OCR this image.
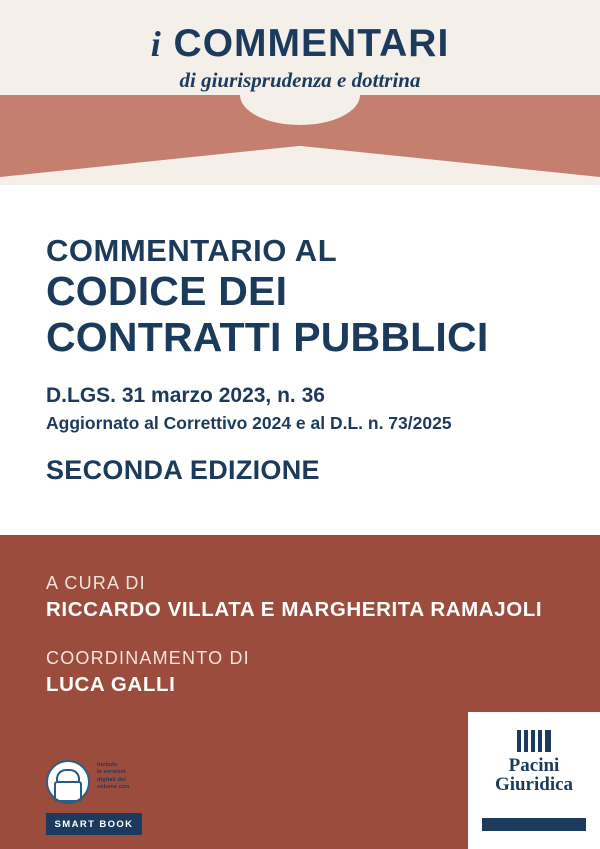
i COMMENTARI
di giurisprudenza e dottrina
COMMENTARIO AL
CODICE DEI
CONTRATTI PUBBLICI
D.LGS. 31 marzo 2023, n. 36
Aggiornato al Correttivo 2024 e al D.L. n. 73/2025
SECONDA EDIZIONE
A CURA DI
RICCARDO VILLATA E MARGHERITA RAMAJOLI
COORDINAMENTO DI
LUCA GALLI
Include
le versioni
digitali del
volume con
fonti sempre
aggiornate
SMART BOOK
Pacini
Giuridica
